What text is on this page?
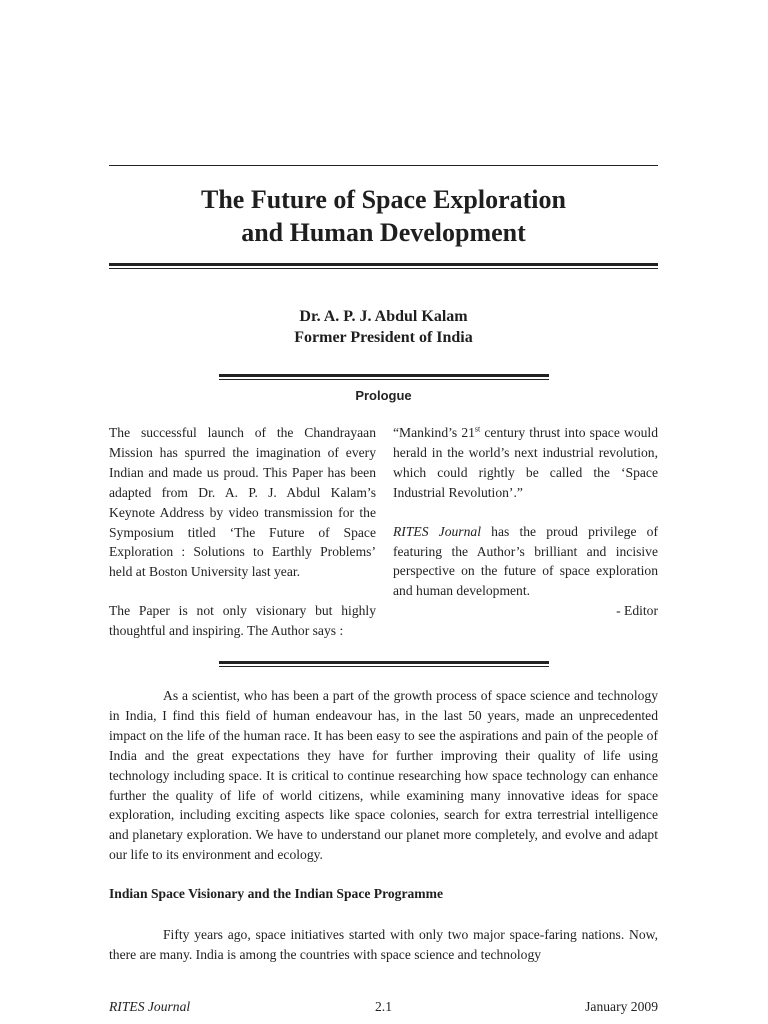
The Future of Space Exploration
and Human Development
Dr. A. P. J. Abdul Kalam
Former President of India
Prologue

The successful launch of the Chandrayaan Mission has spurred the imagination of every Indian and made us proud. This Paper has been adapted from Dr. A. P. J. Abdul Kalam’s Keynote Address by video transmission for the Symposium titled ‘The Future of Space Exploration : Solutions to Earthly Problems’ held at Boston University last year.

The Paper is not only visionary but highly thoughtful and inspiring. The Author says :

“Mankind’s 21st century thrust into space would herald in the world’s next industrial revolution, which could rightly be called the ‘Space Industrial Revolution’.”

RITES Journal has the proud privilege of featuring the Author’s brilliant and incisive perspective on the future of space exploration and human development.

- Editor

As a scientist, who has been a part of the growth process of space science and technology in India, I find this field of human endeavour has, in the last 50 years, made an unprecedented impact on the life of the human race. It has been easy to see the aspirations and pain of the people of India and the great expectations they have for further improving their quality of life using technology including space. It is critical to continue researching how space technology can enhance further the quality of life of world citizens, while examining many innovative ideas for space exploration, including exciting aspects like space colonies, search for extra terrestrial intelligence and planetary exploration. We have to understand our planet more completely, and evolve and adapt our life to its environment and ecology.

Indian Space Visionary and the Indian Space Programme

Fifty years ago, space initiatives started with only two major space-faring nations. Now, there are many. India is among the countries with space science and technology

RITES Journal	2.1	January 2009
